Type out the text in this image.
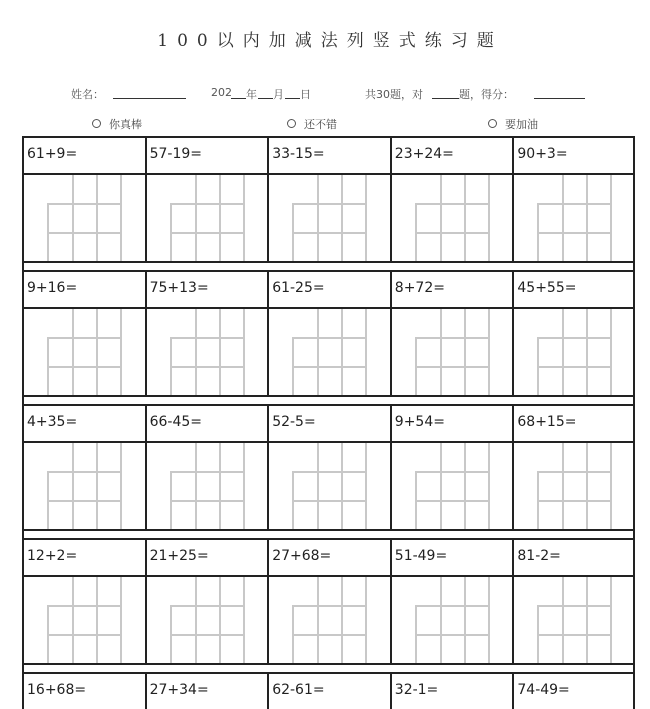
100以内加减法列竖式练习题
姓名：	202 年 月 日	共30题，对	题，得分：
你真棒	还不错	要加油
61+9=	57-19=	33-15=	23+24=	90+3=
9+16=	75+13=	61-25=	8+72=	45+55=
4+35=	66-45=	52-5=	9+54=	68+15=
12+2=	21+25=	27+68=	51-49=	81-2=
16+68=	27+34=	62-61=	32-1=	74-49=
